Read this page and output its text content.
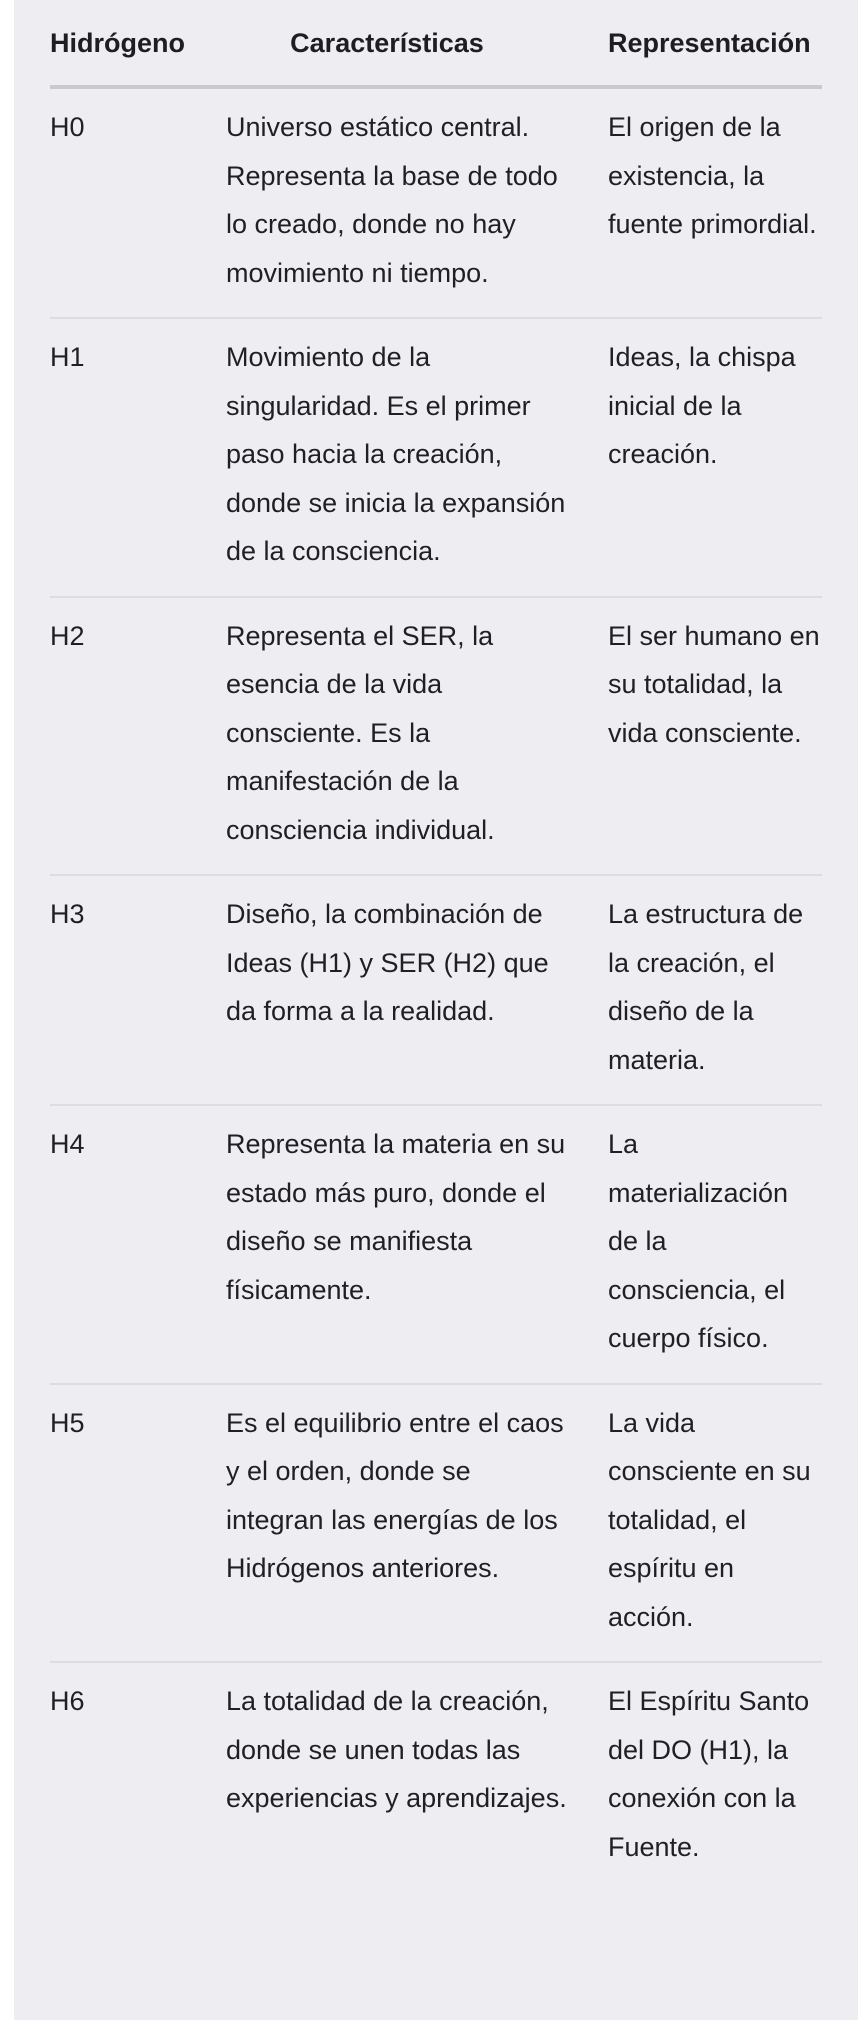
Hidrógeno	Características	Representación
H0	Universo estático central. Representa la base de todo lo creado, donde no hay movimiento ni tiempo.	El origen de la existencia, la fuente primordial.
H1	Movimiento de la singularidad. Es el primer paso hacia la creación, donde se inicia la expansión de la consciencia.	Ideas, la chispa inicial de la creación.
H2	Representa el SER, la esencia de la vida consciente. Es la manifestación de la consciencia individual.	El ser humano en su totalidad, la vida consciente.
H3	Diseño, la combinación de Ideas (H1) y SER (H2) que da forma a la realidad.	La estructura de la creación, el diseño de la materia.
H4	Representa la materia en su estado más puro, donde el diseño se manifiesta físicamente.	La materialización de la consciencia, el cuerpo físico.
H5	Es el equilibrio entre el caos y el orden, donde se integran las energías de los Hidrógenos anteriores.	La vida consciente en su totalidad, el espíritu en acción.
H6	La totalidad de la creación, donde se unen todas las experiencias y aprendizajes.	El Espíritu Santo del DO (H1), la conexión con la Fuente.
